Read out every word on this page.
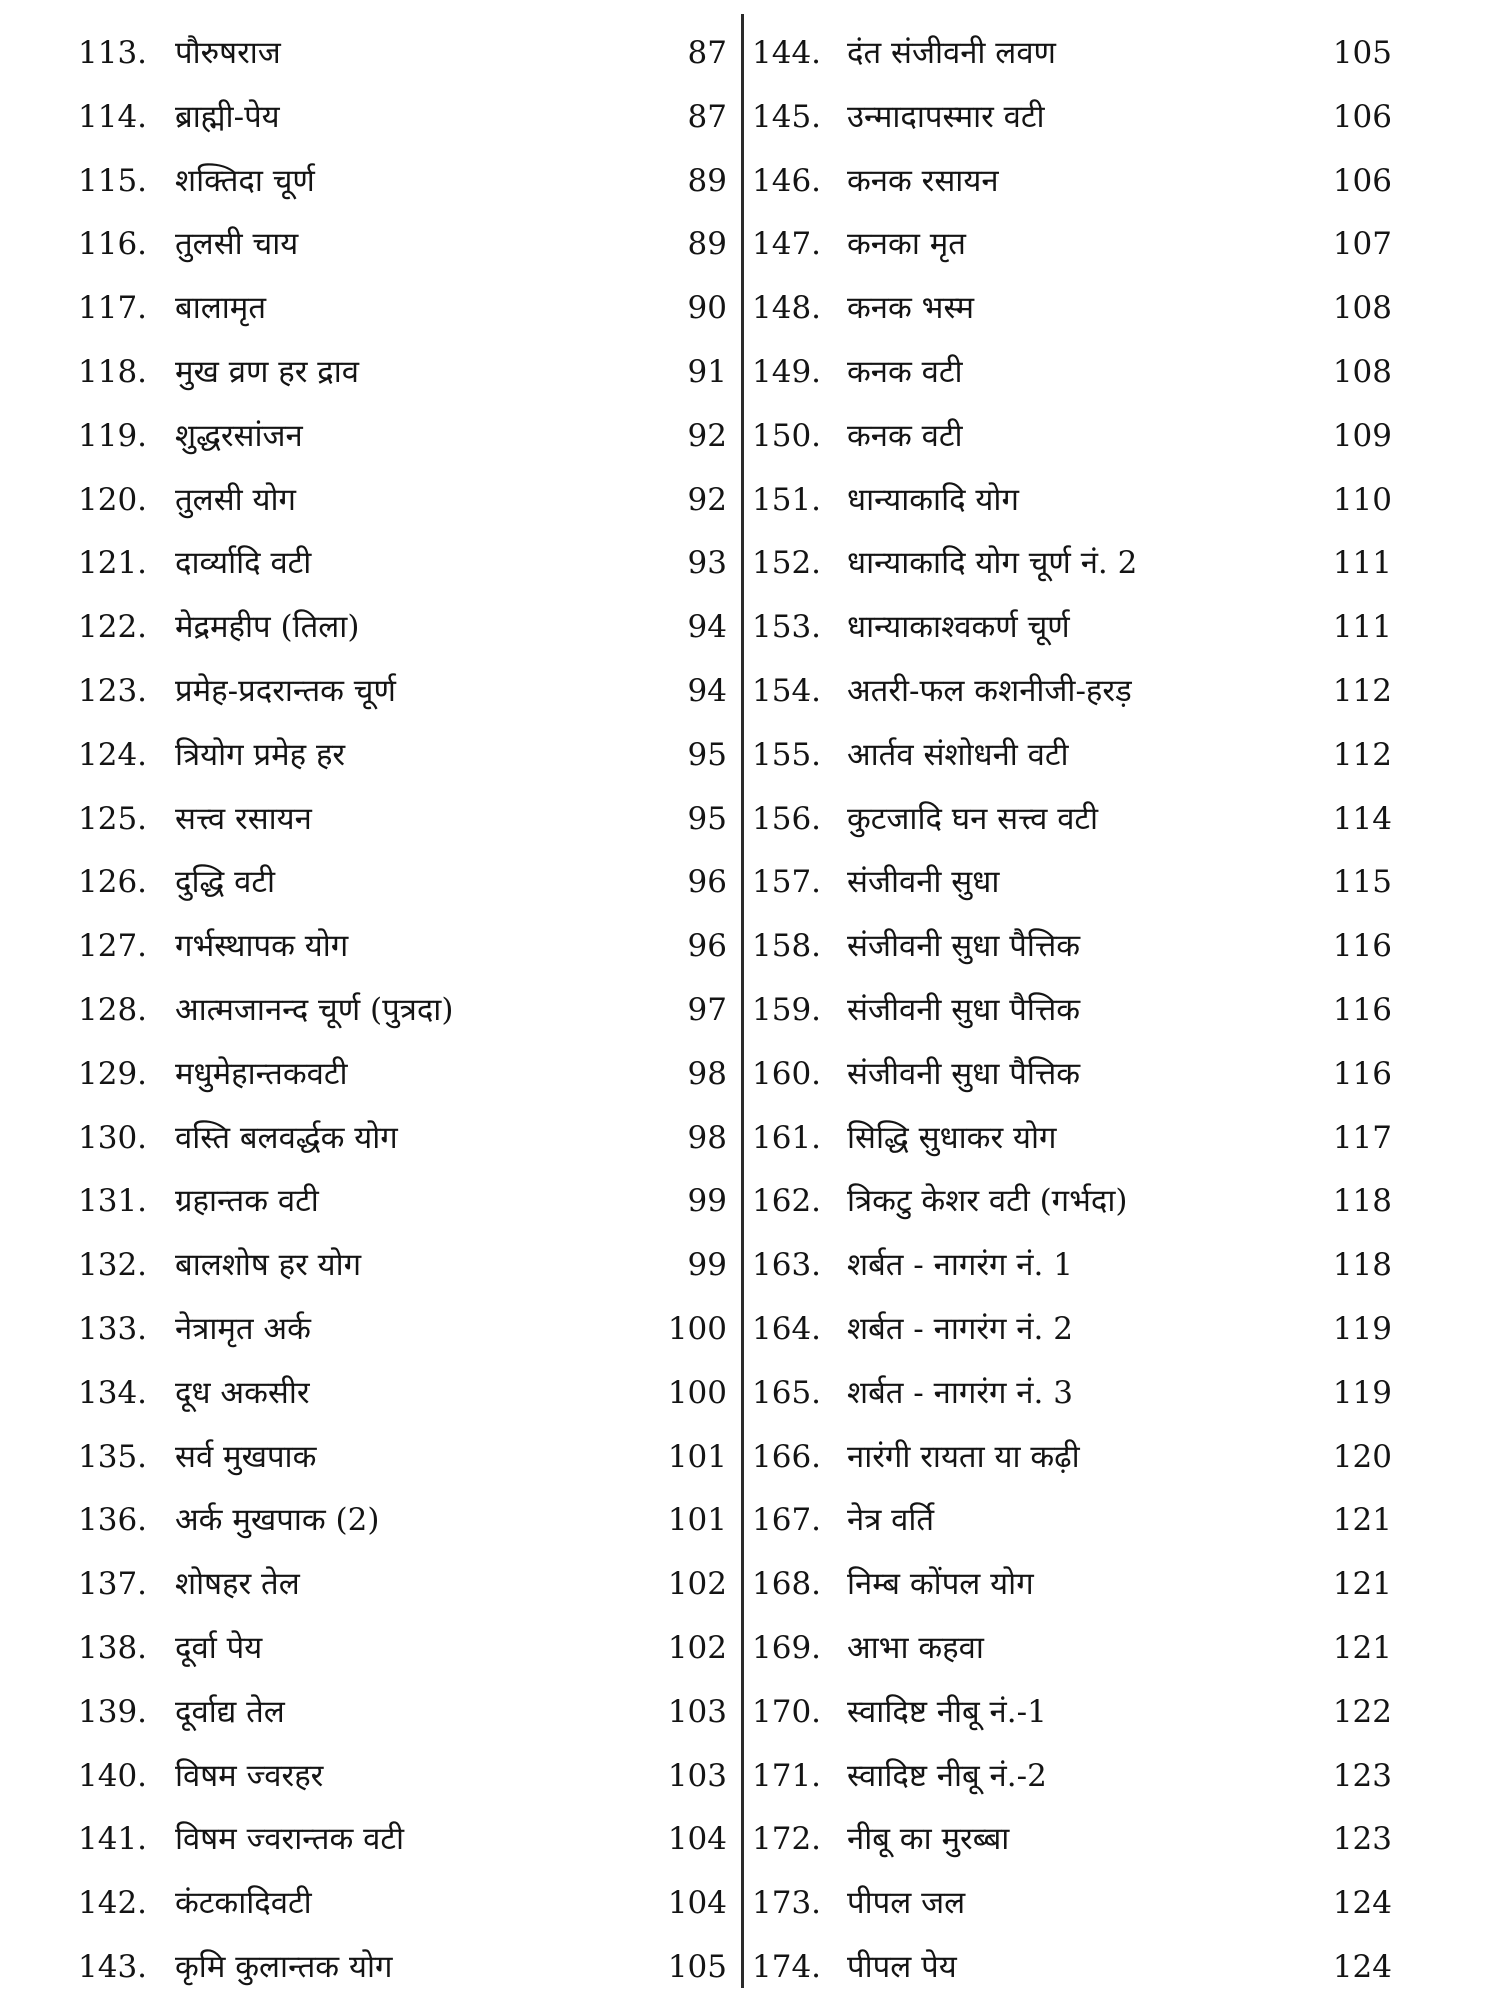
113. पौरुषराज	87
114. ब्राह्मी-पेय	87
115. शक्तिदा चूर्ण	89
116. तुलसी चाय	89
117. बालामृत	90
118. मुख व्रण हर द्राव	91
119. शुद्धरसांजन	92
120. तुलसी योग	92
121. दार्व्यादि वटी	93
122. मेद्रमहीप (तिला)	94
123. प्रमेह-प्रदरान्तक चूर्ण	94
124. त्रियोग प्रमेह हर	95
125. सत्त्व रसायन	95
126. दुद्धि वटी	96
127. गर्भस्थापक योग	96
128. आत्मजानन्द चूर्ण (पुत्रदा)	97
129. मधुमेहान्तकवटी	98
130. वस्ति बलवर्द्धक योग	98
131. ग्रहान्तक वटी	99
132. बालशोष हर योग	99
133. नेत्रामृत अर्क	100
134. दूध अकसीर	100
135. सर्व मुखपाक	101
136. अर्क मुखपाक (2)	101
137. शोषहर तेल	102
138. दूर्वा पेय	102
139. दूर्वाद्य तेल	103
140. विषम ज्वरहर	103
141. विषम ज्वरान्तक वटी	104
142. कंटकादिवटी	104
143. कृमि कुलान्तक योग	105
144. दंत संजीवनी लवण	105
145. उन्मादापस्मार वटी	106
146. कनक रसायन	106
147. कनका मृत	107
148. कनक भस्म	108
149. कनक वटी	108
150. कनक वटी	109
151. धान्याकादि योग	110
152. धान्याकादि योग चूर्ण नं. 2	111
153. धान्याकाश्वकर्ण चूर्ण	111
154. अतरी-फल कशनीजी-हरड़	112
155. आर्तव संशोधनी वटी	112
156. कुटजादि घन सत्त्व वटी	114
157. संजीवनी सुधा	115
158. संजीवनी सुधा पैत्तिक	116
159. संजीवनी सुधा पैत्तिक	116
160. संजीवनी सुधा पैत्तिक	116
161. सिद्धि सुधाकर योग	117
162. त्रिकटु केशर वटी (गर्भदा)	118
163. शर्बत - नागरंग नं. 1	118
164. शर्बत - नागरंग नं. 2	119
165. शर्बत - नागरंग नं. 3	119
166. नारंगी रायता या कढ़ी	120
167. नेत्र वर्ति	121
168. निम्ब कोंपल योग	121
169. आभा कहवा	121
170. स्वादिष्ट नीबू नं.-1	122
171. स्वादिष्ट नीबू नं.-2	123
172. नीबू का मुरब्बा	123
173. पीपल जल	124
174. पीपल पेय	124
